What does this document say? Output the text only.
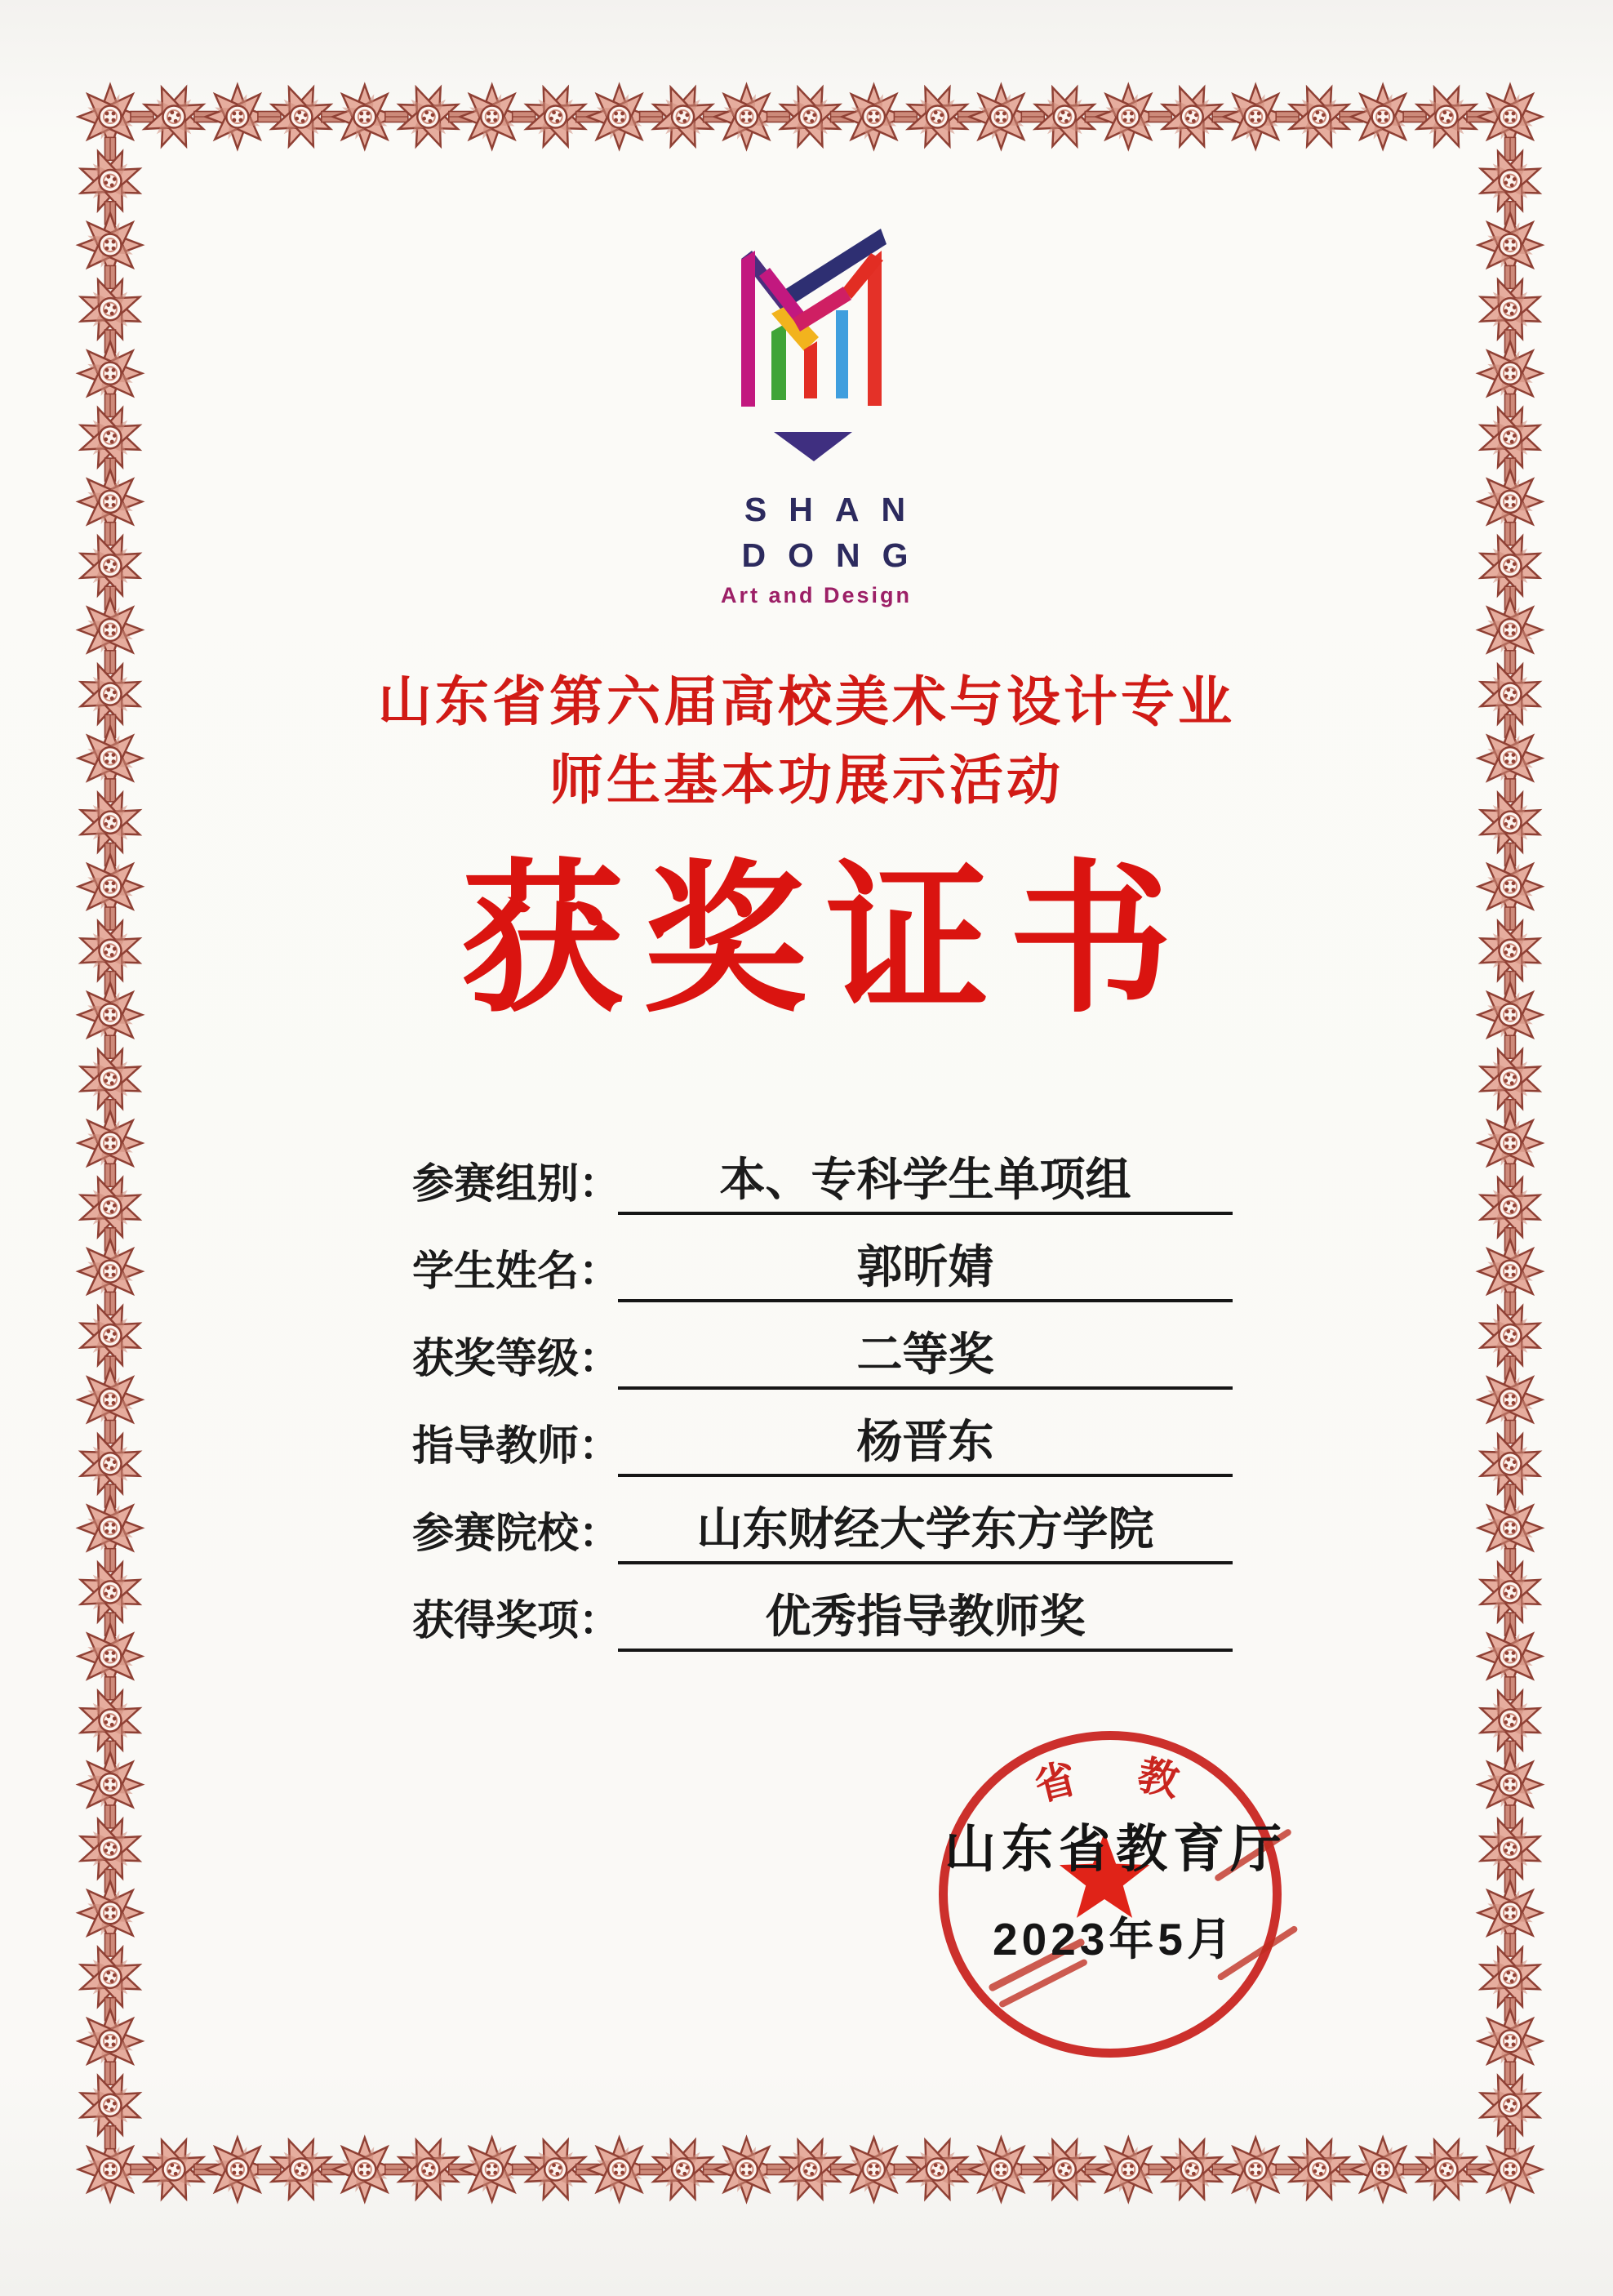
SHAN
DONG
Art and Design
山东省第六届高校美术与设计专业
师生基本功展示活动
获奖证书
参赛组别：	本、专科学生单项组
学生姓名：	郭昕婧
获奖等级：	二等奖
指导教师：	杨晋东
参赛院校：	山东财经大学东方学院
获得奖项：	优秀指导教师奖
省 教
山东省教育厅
2023年5月
